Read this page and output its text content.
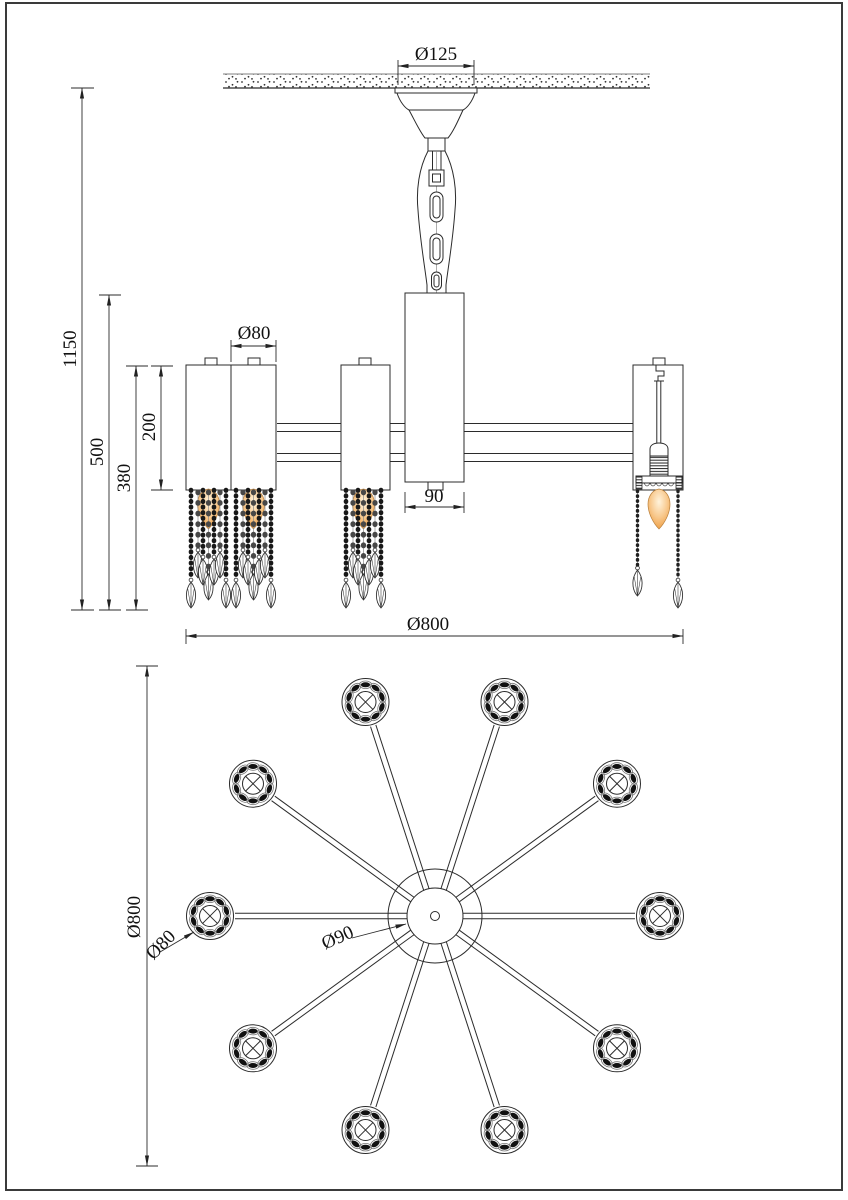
Ø125
1150
500
380
200
Ø80
90
Ø800
Ø800
Ø80	Ø90
